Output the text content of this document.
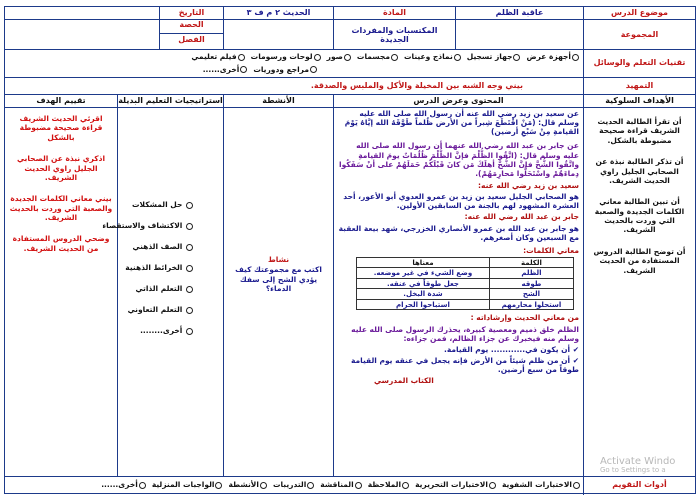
موضوع الدرس
عاقبة الظلم
المادة
الحديث ٢ م ف ٣
التاريخ
المجموعة
المكتسبات والمفردات الجديدة
الحصة
الفصل
تقنيات التعلم والوسائل
أجهزة عرضجهاز تسجيلنماذج وعيناتمجسماتصورلوحات ورسوماتفيلم تعليمي
مراجع ودورياتأخرى......
التمهيد
بيني وجه الشبه بين المخيلة والأكل والملبس والصدقة.
الأهداف السلوكية
أن تقرأ الطالبة الحديث الشريف قراءة صحيحة مضبوطة بالشكل.
أن تذكر الطالبة نبذة عن الصحابي الجليل راوي الحديث الشريف.
أن تبين الطالبة معاني الكلمات الجديدة والصعبة التي وردت بالحديث الشريف.
أن توضح الطالبة الدروس المستفادة من الحديث الشريف.
المحتوى وعرض الدرس
عن سعيد بن زيد رضي الله عنه أن رسول الله صلى الله عليه وسلم قال: (مَنْ اقْتَطَعَ شِبراً من الأرض ظُلماً طَوَّقَهُ الله إيَّاهُ يَوْمَ القيامةِ مِنْ سَبْعِ أرضين)
عن جابر بن عبد الله رضي الله عنهما أن رسول الله صلى الله عليه وسلم قال: (اتَّقُوا الظُّلْمَ فإنَّ الظُّلْمَ ظُلُمَاتٌ يومَ القيامةِ واتَّقُوا الشُّحَّ فإنَّ الشُّحَّ أهلَكَ مَن كانَ قَبْلَكُمْ حَمَلَهُمْ على أنْ سَفَكُوا دِماءَهُمْ واسْتَحَلُّوا مَحارِمَهُمْ).
سعيد بن زيد رضي الله عنه:
هو الصحابي الجليل سعيد بن زيد بن عمرو العدوي أبو الأعور، أحد العشرة المشهود لهم بالجنة من السابقين الأولين.
جابر بن عبد الله رضي الله عنه:
هو جابر بن عبد الله بن عمرو الأنصاري الخزرجي، شهد بيعة العقبة مع السبعين وكان أصغرهم.
معاني الكلمات:
الكلمة	معناها
الظلم	وضع الشيء في غير موضعه.
طوقه	جعل طوقاً في عنقه.
الشح	شدة البخل.
استحلوا محارمهم	استباحوا الحرام
من معاني الحديث وإرشاداته :
الظلم خلق ذميم ومعصية كبيرة، يحذرك الرسول صلى الله عليه وسلم منه فيخبرك عن جزاء الظالم، فمن جزاءه:
✔ أن يكون في............ يوم القيامة.
✔ أن من ظلم شيئاً من الأرض فإنه يجعل في عنقه يوم القيامة طوقاً من سبع أرضين.
الكتاب المدرسي
الأنشطة
نشاط
اكتب مع مجموعتك كيف يؤدي الشح إلى سفك الدماء؟
استراتيجيات التعليم البديلة
حل المشكلات
الاكتشاف والاستقصاء
الصف الذهني
الخرائط الذهنية
التعلم الذاتي
التعلم التعاوني
أخرى........
تقييم الهدف
اقرئي الحديث الشريف قراءة صحيحة مضبوطة بالشكل
اذكري نبذة عن الصحابي الجليل راوي الحديث الشريف.
بيني معاني الكلمات الجديدة والصعبة التي وردت بالحديث الشريف.
وضحي الدروس المستفادة من الحديث الشريف.
أدوات التقويم
الاختبارات الشفويةالاختبارات التحريريةالملاحظةالمناقشةالتدريباتالأنشطةالواجبات المنزليةأخرى......
Activate Windo
Go to Settings to a
